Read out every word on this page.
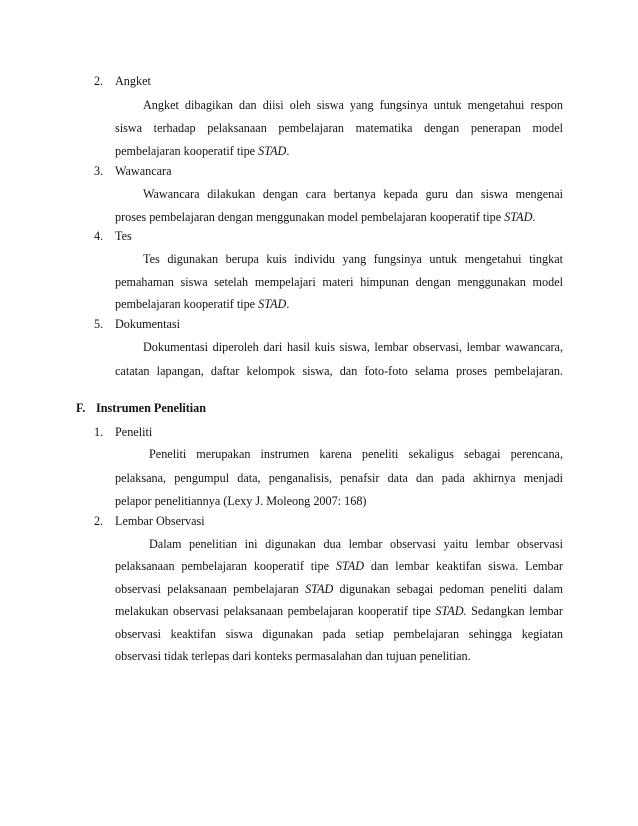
2. Angket
Angket dibagikan dan diisi oleh siswa yang fungsinya untuk mengetahui respon
siswa terhadap pelaksanaan pembelajaran matematika dengan penerapan model
pembelajaran kooperatif tipe STAD.
3. Wawancara
Wawancara dilakukan dengan cara bertanya kepada guru dan siswa mengenai
proses pembelajaran dengan menggunakan model pembelajaran kooperatif tipe STAD.
4. Tes
Tes digunakan berupa kuis individu yang fungsinya untuk mengetahui tingkat
pemahaman siswa setelah mempelajari materi himpunan dengan menggunakan model
pembelajaran kooperatif tipe STAD.
5. Dokumentasi
Dokumentasi diperoleh dari hasil kuis siswa, lembar observasi, lembar wawancara,
catatan lapangan, daftar kelompok siswa, dan foto-foto selama proses pembelajaran.
F. Instrumen Penelitian
1. Peneliti
Peneliti merupakan instrumen karena peneliti sekaligus sebagai perencana,
pelaksana, pengumpul data, penganalisis, penafsir data dan pada akhirnya menjadi
pelapor penelitiannya (Lexy J. Moleong 2007: 168)
2. Lembar Observasi
Dalam penelitian ini digunakan dua lembar observasi yaitu lembar observasi
pelaksanaan pembelajaran kooperatif tipe STAD dan lembar keaktifan siswa. Lembar
observasi pelaksanaan pembelajaran STAD digunakan sebagai pedoman peneliti dalam
melakukan observasi pelaksanaan pembelajaran kooperatif tipe STAD. Sedangkan lembar
observasi keaktifan siswa digunakan pada setiap pembelajaran sehingga kegiatan
observasi tidak terlepas dari konteks permasalahan dan tujuan penelitian.
